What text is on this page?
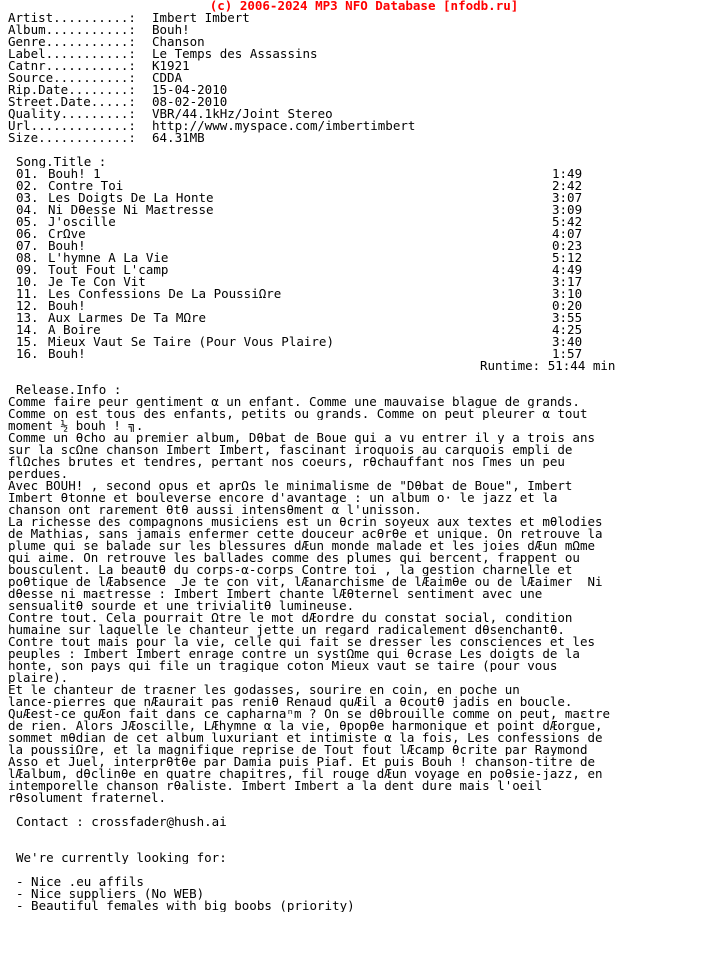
(c) 2006-2024 MP3 NFO Database [nfodb.ru]
Artist..........:	Imbert Imbert
Album...........:	Bouh!
Genre...........:	Chanson
Label...........:	Le Temps des Assassins
Catnr...........:	K1921
Source..........:	CDDA
Rip.Date........:	15-04-2010
Street.Date.....:	08-02-2010
Quality.........:	VBR/44.1kHz/Joint Stereo
Url.............:	http://www.myspace.com/imbertimbert
Size............:	64.31MB
Song.Title :
01. Bouh! 1	1:49
02. Contre Toi	2:42
03. Les Doigts De La Honte	3:07
04. Ni Dθesse Ni Maεtresse	3:09
05. J'oscille	5:42
06. CrΩve	4:07
07. Bouh!	0:23
08. L'hymne A La Vie	5:12
09. Tout Fout L'camp	4:49
10. Je Te Con Vit	3:17
11. Les Confessions De La PoussiΩre	3:10
12. Bouh!	0:20
13. Aux Larmes De Ta MΩre	3:55
14. A Boire	4:25
15. Mieux Vaut Se Taire (Pour Vous Plaire)	3:40
16. Bouh!	1:57
Runtime: 51:44 min
Release.Info :
Comme faire peur gentiment α un enfant. Comme une mauvaise blague de grands.
Comme on est tous des enfants, petits ou grands. Comme on peut pleurer α tout
moment ½ bouh ! ╗.
Comme un θcho au premier album, Dθbat de Boue qui a vu entrer il y a trois ans
sur la scΩne chanson Imbert Imbert, fascinant iroquois au carquois empli de
flΩches brutes et tendres, perτant nos coeurs, rθchauffant nos Γmes un peu
perdues.
Avec BOUH! , second opus et aprΩs le minimalisme de "Dθbat de Boue", Imbert
Imbert θtonne et bouleverse encore d'avantage : un album o· le jazz et la
chanson ont rarement θtθ aussi intensθment α l'unisson.
La richesse des compagnons musiciens est un θcrin soyeux aux textes et mθlodies
de Mathias, sans jamais enfermer cette douceur acθrθe et unique. On retrouve la
plume qui se balade sur les blessures dÆun monde malade et les joies dÆun mΩme
qui aime. On retrouve les ballades comme des plumes qui bercent, frappent ou
bousculent. La beautθ du corps-α-corps Contre toi , la gestion charnelle et
poθtique de lÆabsence  Je te con vit, lÆanarchisme de lÆaimθe ou de lÆaimer  Ni
dθesse ni maεtresse : Imbert Imbert chante lÆθternel sentiment avec une
sensualitθ sourde et une trivialitθ lumineuse.
Contre tout. Cela pourrait Ωtre le mot dÆordre du constat social, condition
humaine sur laquelle le chanteur jette un regard radicalement dθsenchantθ.
Contre tout mais pour la vie, celle qui fait se dresser les consciences et les
peuples : Imbert Imbert enrage contre un systΩme qui θcrase Les doigts de la
honte, son pays qui file un tragique coton Mieux vaut se taire (pour vous
plaire).
Et le chanteur de traεner les godasses, sourire en coin, en poche un
lance-pierres que nÆaurait pas reniθ Renaud quÆil a θcoutθ jadis en boucle.
QuÆest-ce quÆon fait dans ce capharnaⁿm ? On se dθbrouille comme on peut, maεtre
de rien. Alors JÆoscille, LÆhymne α la vie, θpopθe harmonique et point dÆorgue,
sommet mθdian de cet album luxuriant et intimiste α la fois, Les confessions de
la poussiΩre, et la magnifique reprise de Tout fout lÆcamp θcrite par Raymond
Asso et Juel, interprθtθe par Damia puis Piaf. Et puis Bouh ! chanson-titre de
lÆalbum, dθclinθe en quatre chapitres, fil rouge dÆun voyage en poθsie-jazz, en
intemporelle chanson rθaliste. Imbert Imbert a la dent dure mais l'oeil
rθsolument fraternel.
Contact : crossfader@hush.ai
We're currently looking for:
- Nice .eu affils
- Nice suppliers (No WEB)
- Beautiful females with big boobs (priority)
